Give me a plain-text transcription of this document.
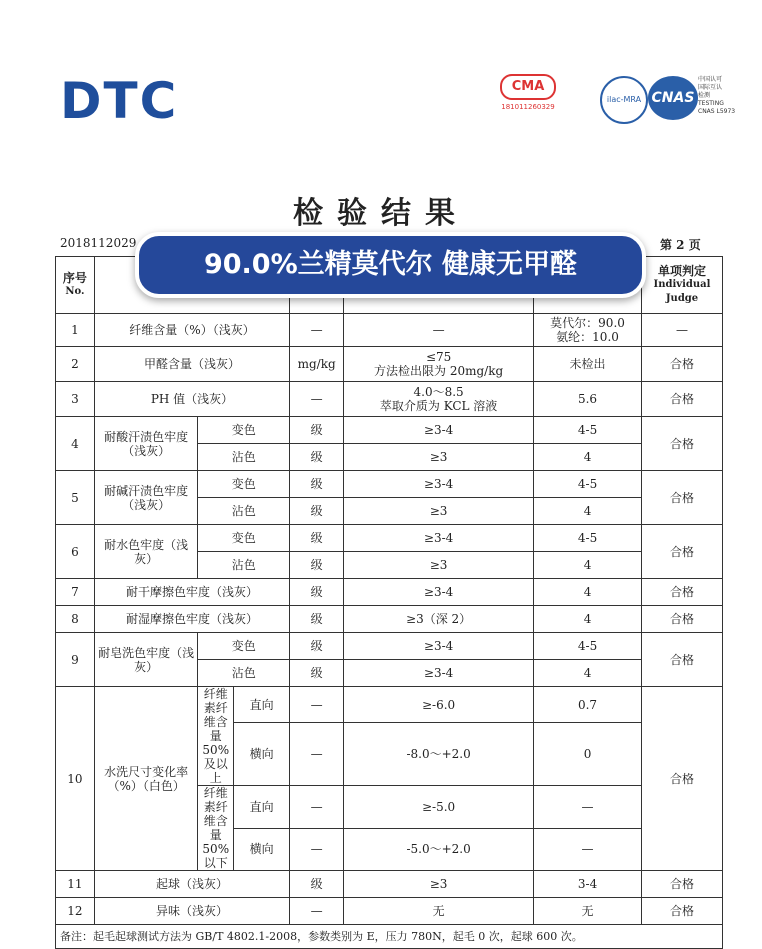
DTC	CMA
181011260329
ilac-MRA CNAS
中国认可
国际互认
检测
TESTING
CNAS L5973
检验结果
2018112029	第 2 页
90.0%兰精莫代尔 健康无甲醛
序号

No.							单项判定

Individual
Judge

1	纤维含量（%）（浅灰）			—	—	莫代尔：90.0
氨纶：10.0	—
2	甲醛含量（浅灰）			mg/kg	≤75
方法检出限为 20mg/kg	未检出	合格
3	PH 值（浅灰）			—	4.0～8.5
萃取介质为 KCL 溶液	5.6	合格
4	耐酸汗渍色牢度（浅灰）	变色		级	≥3-4	4-5	合格
		沾色		级	≥3	4	
5	耐碱汗渍色牢度（浅灰）	变色		级	≥3-4	4-5	合格
		沾色		级	≥3	4	
6	耐水色牢度（浅灰）	变色		级	≥3-4	4-5	合格
		沾色		级	≥3	4	
7	耐干摩擦色牢度（浅灰）			级	≥3-4	4	合格
8	耐湿摩擦色牢度（浅灰）			级	≥3（深 2）	4	合格
9	耐皂洗色牢度（浅灰）	变色		级	≥3-4	4-5	合格
		沾色		级	≥3-4	4	
10	水洗尺寸变化率（%）（白色）	纤维素纤维含量50%及以上	直向	—	≥-6.0	0.7	合格
			横向	—	-8.0～+2.0	0	
		纤维素纤维含量50%以下	直向	—	≥-5.0	—	
			横向	—	-5.0～+2.0	—	
11	起球（浅灰）			级	≥3	3-4	合格
12	异味（浅灰）			—	无	无	合格
备注：起毛起球测试方法为 GB/T 4802.1-2008，参数类别为 E，压力 780N，起毛 0 次，起球 600 次。							
